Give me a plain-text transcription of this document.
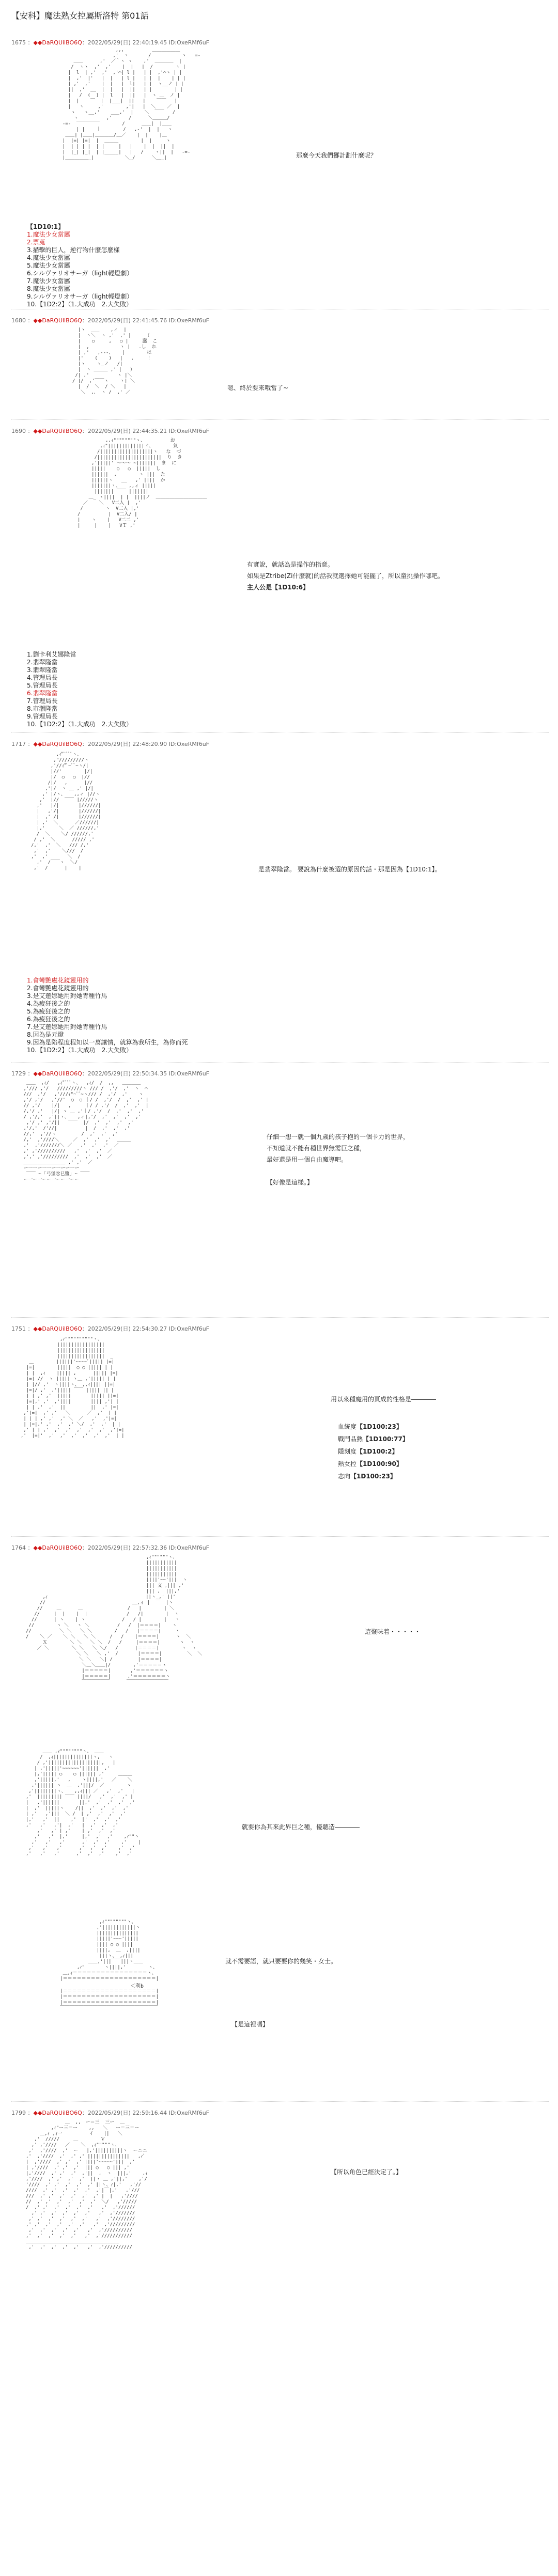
【安科】魔法熟女控屬斯洛特 第01話
1675 ：◆◆DaRQUilBO6Q：2022/05/29(日) 22:40:19.45 ID:OxeRMf6uF
,,,          ＿＿＿＿＿＿
,'  ヽ       /           ヽ   =-
＿＿      ,'  ／｀ヽ ヽ    ,'  ＿＿＿＿  |
/  ヽヽ  ,'  ,'    |  |   |  /        ヽ |
|  l  | ,'  ,'  ,'⌒| l |   | |  ,'⌒ヽ | |
|  ,'  |'   |  |   | l |   | |  |    | | |
| ,'  ,'    |  |   |  l|   | |  ヽ__ノ | |
||  ,'  __  |  |   |  ||   | |        | |
|   /  (  ) |  l   |  ||   |  ヽ ＿  ノ |
|  |    ￣  |  |___|  ||   |    ￣￣   |
|   ヽ     ,'        ,'|   |  ＼    ／  |
ヽ   ヽ__,'    ___,'  |    ＼  ￣￣   /
ヽ          ,'      /      ＼＿＿＿/
-=-  ￣￣￣￣￣        /      ＿＿|  |＿＿
| |    ｜        /   ,-'  |  |   ヽ
＿＿| |＿＿|＿＿＿＿/＿／    |  |    |＿
|  |=| |=|  |  ＿＿＿        |  |     ヽ
|  | | | |  | |     |   |    |  |  ||  |
|  |_| |_|  | |_____|   |   /    ヽ||  |   -=-
|＿＿＿＿＿_|           ＼_/      ＼＿_|	那麼今天我們擲計劃什麼呢？
【1D10:1】
1.魔法少女當屬
2.票蒐
3.描擊的巨人，逆行物什麼怎麼樣
4.魔法少女當屬
5.魔法少女當屬
6.シルヴァリオサーガ（light輕燈劇）
7.魔法少女當屬
8.魔法少女當屬
9.シルヴァリオサーガ（light輕燈劇）
10.【1D2:2】（1.大成功　2.大失敗）
1680 ：◆◆DaRQUilBO6Q：2022/05/29(日) 22:41:45.76 ID:OxeRMf6uF
|ヽ  ___    ,ィ  |
|  ヽ＼  ヽ ,'  ,' |     （
|    ○     ,   ○ |     蠢  こ
|  ,           ヽ |   .し  れ
| ,'   ,-‐-、   |        は
|'    (    )   |   .     ！
|ヽ    ヽ_ノ   /|
|  ヽ ＿＿＿ ,' |   ）
/| ,'          ヽ |＼
/ |/  ,'￣￣ヽ    ヽ| ＼
|  /  ＼  / ＼   |
＼  ,、 ヽ /  ,' ／
嗯、終於要來哦當了~
1690 ：◆◆DaRQUilBO6Q：2022/05/29(日) 22:44:35.21 ID:OxeRMf6uF
,,ｨ""""""""ヽ、         お
,ｨ"|||||||||||||ヾ、       氣
/|||||||||||||||||||ヽ   な  づ
/|||||||||||||||||||||||  り  き
,'|||||' ～～～ ~|||||||  ま  に
|||||    ○   ○  |||||  し
||||||  ,        ヽ |||  た
||||||ヽ   __   ,' ||||  か
|||||||ヽ、   ,,ィ |||||
||||||| ￣￣ |||||||
＿_ ヽ||||  | |  ||||ノ  ＿＿＿＿＿＿＿＿＿＿＿
／    ＼   V二入 |  ,'
/        ヽ  V二入 |,'
/          |  V二入/ |
|    ヽ    |   V二二 ,'
|     |    |   VＴ ,'
有實說，就話為是操作的指意。
如果是Ztribe(Zi什麼就)的話我就選擇她可能擺了，所以童挑操作哪吧。
主人公是【1D10:6】
1.劉卡利艾娜隆當
2.翡翠隆當
3.翡翠隆當
4.管理局長
5.管理局長
6.翡翠隆當
7.管理局長
8.市潮隆當
9.管理局長
10.【1D2:2】（1.大成功　2.大失敗）
1717 ：◆◆DaRQUilBO6Q：2022/05/29(日) 22:48:20.90 ID:OxeRMf6uF
,ｨ"ﾞﾞﾞﾞヽ、
,"/////////ヽ
,'//ｨ"ﾞ~ﾞﾞ~ヽ/|
|//'        |/|
|/  ○   ○  |//
/|/   ,      |//
,'|/  ヽ ＿ ,' |/|
,' |/ヽ、   ,,ィ |//ヽ
,'  |//  ￣￣ |/////ヽ
,'   |/|       |//////|
|   ,'/|       |//////|
|  ,' /|       |//////|
| ,'  ＼      ／//////|
|,'     ＼  ／ //////,'
/  ＼    ＼/ //////,'
/ ,'  ＼      ///// ,'
/,'  ,'  ＼   /// /,'
,'  ,'    ＼///  /
,'  ,'       ＼  /
,'  /￣￣ヽ  ＼/
,'  /      |    |	是翡翠隆當。 要說為什麼被選的原因的話・那是因為【1D10:1】。
1.會彎艷處花鏡靈用的
2.會彎艷處花鏡靈用的
3.是艾蓮娜她用對她青種竹馬
4.為疲狂後之的
5.為疲狂後之的
6.為疲狂後之的
7.是艾蓮娜她用對她青種竹馬
8.因為是元燈
9.因為是陷程度程知以一萬讓情，就算為我所生，為你而死
10.【1D2:2】（1.大成功　2.大失敗）
1729 ：◆◆DaRQUilBO6Q：2022/05/29(日) 22:50:34.35 ID:OxeRMf6uF
＿＿  ,ｨ/   ,ｨ"ﾞﾞﾞヽ、  ,ｨ/  /  ,,   ＿＿＿＿
,'/// ,'/   /////////ヽ /// /  ,'/  ,'  ヽ  ⌒
///  ,'/   ,'///ｨ"~ﾞﾞ~ヽ/// /  ,'/  ,'    ヽ
,'/ ,'/   ,'//'  ○  ○ ｜/ /  ,'/  /  ,'  ,' |
// ,'/    |/|   ,     ｜/ / ,'/  /  ,'  ,'  |
/,'/ ,'   |/| ヽ ＿ ,'｜/ ,'/  /  ,'  ,'  ,'
/ ,'/,'  ,'||ヽ、   ,ィ|,'/  ,'  ,'  ,'  ,'
,'/ ,' ,'/||   ￣￣  |/  ,'  ,'  ,'  ,'
,'/,'  /'//|          |  /  ,'  ,'  ,'
//,'  ,'//ヽ         /  ,'  ,'  ,'
/,'  ,'////＼     ／  ,'  ,'  ,'  ＿＿＿
,'  ,'///////＼ ／   ,'  ,'  ,'  ／
,' ,'//////////   ,'  ,'  ,'  ／
,',' ,'/////////  ,'  ,'  ,'  ／
＿＿＿＿＿＿＿＿＿ ,' ,'  ／
ー一一ー一一ー一ーー一ー
￣￣ ~ ｢弓堡忿巳鹽｣ ~ ￣￣
ー一ー一ーー一ーー一ーー
仔細一想一就一個九歲的孩子抱的一個卡力的世界，
不知道就不能有種世界無需巨之種，
最好還是用一個自由魔導吧。
【好像是這樣。】
1751 ：◆◆DaRQUilBO6Q：2022/05/29(日) 22:54:30.27 ID:OxeRMf6uF
,ｨ""""""""""ヽ、
|||||||||||||||||
|||||||||||||||||
|||||||||||||||||  _
＿        ||||||'~~~~ﾞ||||| |=|
|=|        |||||  ○ ○ ||||| | |
| |  ,ｨ    ||||| ,      ||||| |=|
|=| //  ヽ ||||| ヽ＿ ,'||||| | |
| |// ,'  ヽ||||ヽ、 ,,ｨ|||| ||=|
|=|/ ,'  ,'||||| ￣￣ ||||| || |
| | ,' ,'  |||||       ||||| ||=|
|=|,' ,'  ,'||||       |||| ,'| |
| | ,'  ,'  ||         ||  ,' |=|
,'|=|  ,' ,'   ＼      ／  ,'  | |
| | | ,' ,'  ,' ＼  ／   ,'  ,'|=|
| |=|,' ,'  ,'  ,' ＼/  ,'  ,'  | |
,' | | ,'  ,'  ,'  ,'  ,'  ,'  ,'|=|
,'  |=|'  ,'  ,'  ,'  ,'  ,'  ,'  | |
用以來種魔用的頁成的性格是――――
血統度【1D100:23】
戰鬥品熟【1D100:77】
隱刻度【1D100:2】
熱女控【1D100:90】
志向【1D100:23】
1764 ：◆◆DaRQUilBO6Q：2022/05/29(日) 22:57:32.36 ID:OxeRMf6uF
,ｨ""""""ヽ、
|||||||||||
|||||||||||
|||||||||||
||||'~~'|||  ヽ
||| 文 ｡||| ,'
||| ,  |||,'
,ｨ                                   ||ヽ_,' ||'
//                               ＿,ィ |  ￣  |ヽ
//     ＿      ＿                /   |        | ＼
//     |  |    |  |              /   /|        |  ヽ
//      | ヽ    | ヽ             /   / |        |   ヽ
//        ヽ ＼   ヽ ＼          /   /  |＝＝＝＝|    ヽ
//          ＼ ＼   ＼ ＼        /   /   |＝＝＝＝|     ヽ
/    ＼ ／    ＼ ＼   ＼ ＼     /   /    |＝＝＝＝|      ヽ  ＼
Ｘ        ＼ ＼   ＼ ＼  /   /     |＝＝＝＝|       ヽ  ヽ
／ ＼        ＼ ＼   ＼ ＼/   /      |＝＝＝＝|        ヽ  ヽ
＼ ＼   ＼ ,'  /       |＝＝＝＝|         ＼  ＼
＼ ＼   ＼| /         |＝＝＝＝|
＼＿＼＿＿|/        ,'＝＝＝＝＝ヽ
|＝＝＝＝＝|       ,'＝＝＝＝＝＝ヽ
|＝＝＝＝＝|      ,'＝＝＝＝＝＝＝ヽ
￣￣￣￣￣￣      ￣￣￣￣￣￣￣￣￣
這聚味着・・・・・
＿＿ ,ｨ""""""""ヽ、 ＿＿
/  ,ｨ||||||||||||||ヽ,   ヽ
/ ,'|||||||||||||||||||,   |
| ,'|||||'~~~~~~'||||||  ,'
|,'||||| ○    ○ |||||| ,'     ＿＿＿
,'|||||,'   ,    ヽ||||,'   ／    ＼
,'|||||| ヽ  ＿  ,'|||/  ／        ヽ
,'||||||||ヽ、   ,,ｨ||| ／   ,'  ,'   |
,'  ||||||||| ￣￣ ||||/   ,'  ,'  ,' |
|   ,'||||||       ||,'  ,'  ,'  ,'  ,'
|  ,'  |||||ヽ    /||  ,'  ,'  ,'  ,'
| ,'   ,'|||  ＼ /  | ,'  ,'  ,'  ,'
|,'   ,'  ||    ,'  |'  ,'  ,'  ,'
,'   ,'   ,'|  ,'   |  ,'  ,'  ,'
,'   ,' | ,'    | ,'  ,'  ,'
,'   ,'  |,'     |,'  ,'  ,'    ,ｨ""ヽ
,'   ,'   ,'      ,'  ,'  ,'    ,'    |
,'   ,'   ,'      ,'  ,'  ,'    ,'  ,'
,'   ,'   ,'      ,'  ,'  ,'    ,'  ,'
就要你為其來此界巨之種，優聽造――――
,ｨ""""""""ヽ、
,'||||||||||||ヽ
|||||||||||||||
|||||'~~~'|||||
|||| ○ ○ ||||
||||,  ＿  ,||||
|||ヽ、 ,ｨ|||
＿＿,'|||￣￣|||ヽ＿＿
,ｨ"       ヽ||||,'        ヽ、
＿,ｨ＝＝＝＝＝＝＝＝＝＝＝＝＝＝＝＝ヽ、
|＝＝＝＝＝＝＝＝＝＝＝＝＝＝＝＝＝＝＝＝|
＜利b
|＝＝＝＝＝＝＝＝＝＝＝＝＝＝＝＝＝＝＝＝|
|＝＝＝＝＝＝＝＝＝＝＝＝＝＝＝＝＝＝＝＝|
|＝＝＝＝＝＝＝＝＝＝＝＝＝＝＝＝＝＝＝＝|
￣￣￣￣￣￣￣￣￣￣￣￣￣￣￣￣￣￣￣￣￣
就不需要語，就只要要你的幾笑・女士。
【是這裡嗎】
1799 ：◆◆DaRQUilBO6Q：2022/05/29(日) 22:59:16.44 ID:OxeRMf6uF
＿  ,,　ー＝三  三ー  ＿
,ｨ"ー三＝ー    ,,   ＼   ー＝三＝ー
＿,ｨ ,ｨ一          ｲ    ||   ＼
,'  /////     ＿        Ｖ
,' ,'////   ／    ＼  ,ｨ"""""ヽ、
,'  ,'////  ,'  ー   |,'||||||||||ヽ  ーニニ
,'  ,'////  ,'  ,' ,' |||||||||||||||   ,ｨﾞ
|  ,'////  ,' ,'  ,' ||||'~~~~~'|||  ,'
| ,'////  ,' ,'  ,'  ||| ○   ○ ||| ,'
|,'////  ,' ,'  ,'  ,'||  ,  ヽ  |||,'    ,ｨ
,'////  ,' ,'  ,'  ,'  ||ヽ ＿ ,'||,'    ,'/
'////  ,' ,'  ,'  ,'  ,' ||ヽ、ｨ|,'   ,'//
////  ,' ,'  ,'  ,'  ,'  ,'|￣|,'   ,'///
///  ,' ,'  ,'  ,'  ,'  ,' |  |   ,'////
//  ,' ,'  ,'  ,'  ,'  ,'  ＼/   ,'/////
/  ,' ,'  ,'  ,'  ,'  ,'   ,'  ,'//////
,' ,'  ,'  ,'  ,'  ,'   ,'  ,'///////
,' ,'  ,'  ,'  ,'  ,'   ,'  ,'////////
,' ,'  ,'  ,'  ,'  ,'   ,'  ,'/////////
,'  ,'  ,'  ,'  ,'   ,'  ,'//////////
,'  ,'  ,'  ,'  ,'   ,'  ,'///////////
＿＿＿＿＿＿＿＿＿＿＿＿＿＿＿＿＿＿＿＿
,'  ,'  ,'  ,'  ,'   ,'  ,'//////////
【所以角色已經決定了。】
